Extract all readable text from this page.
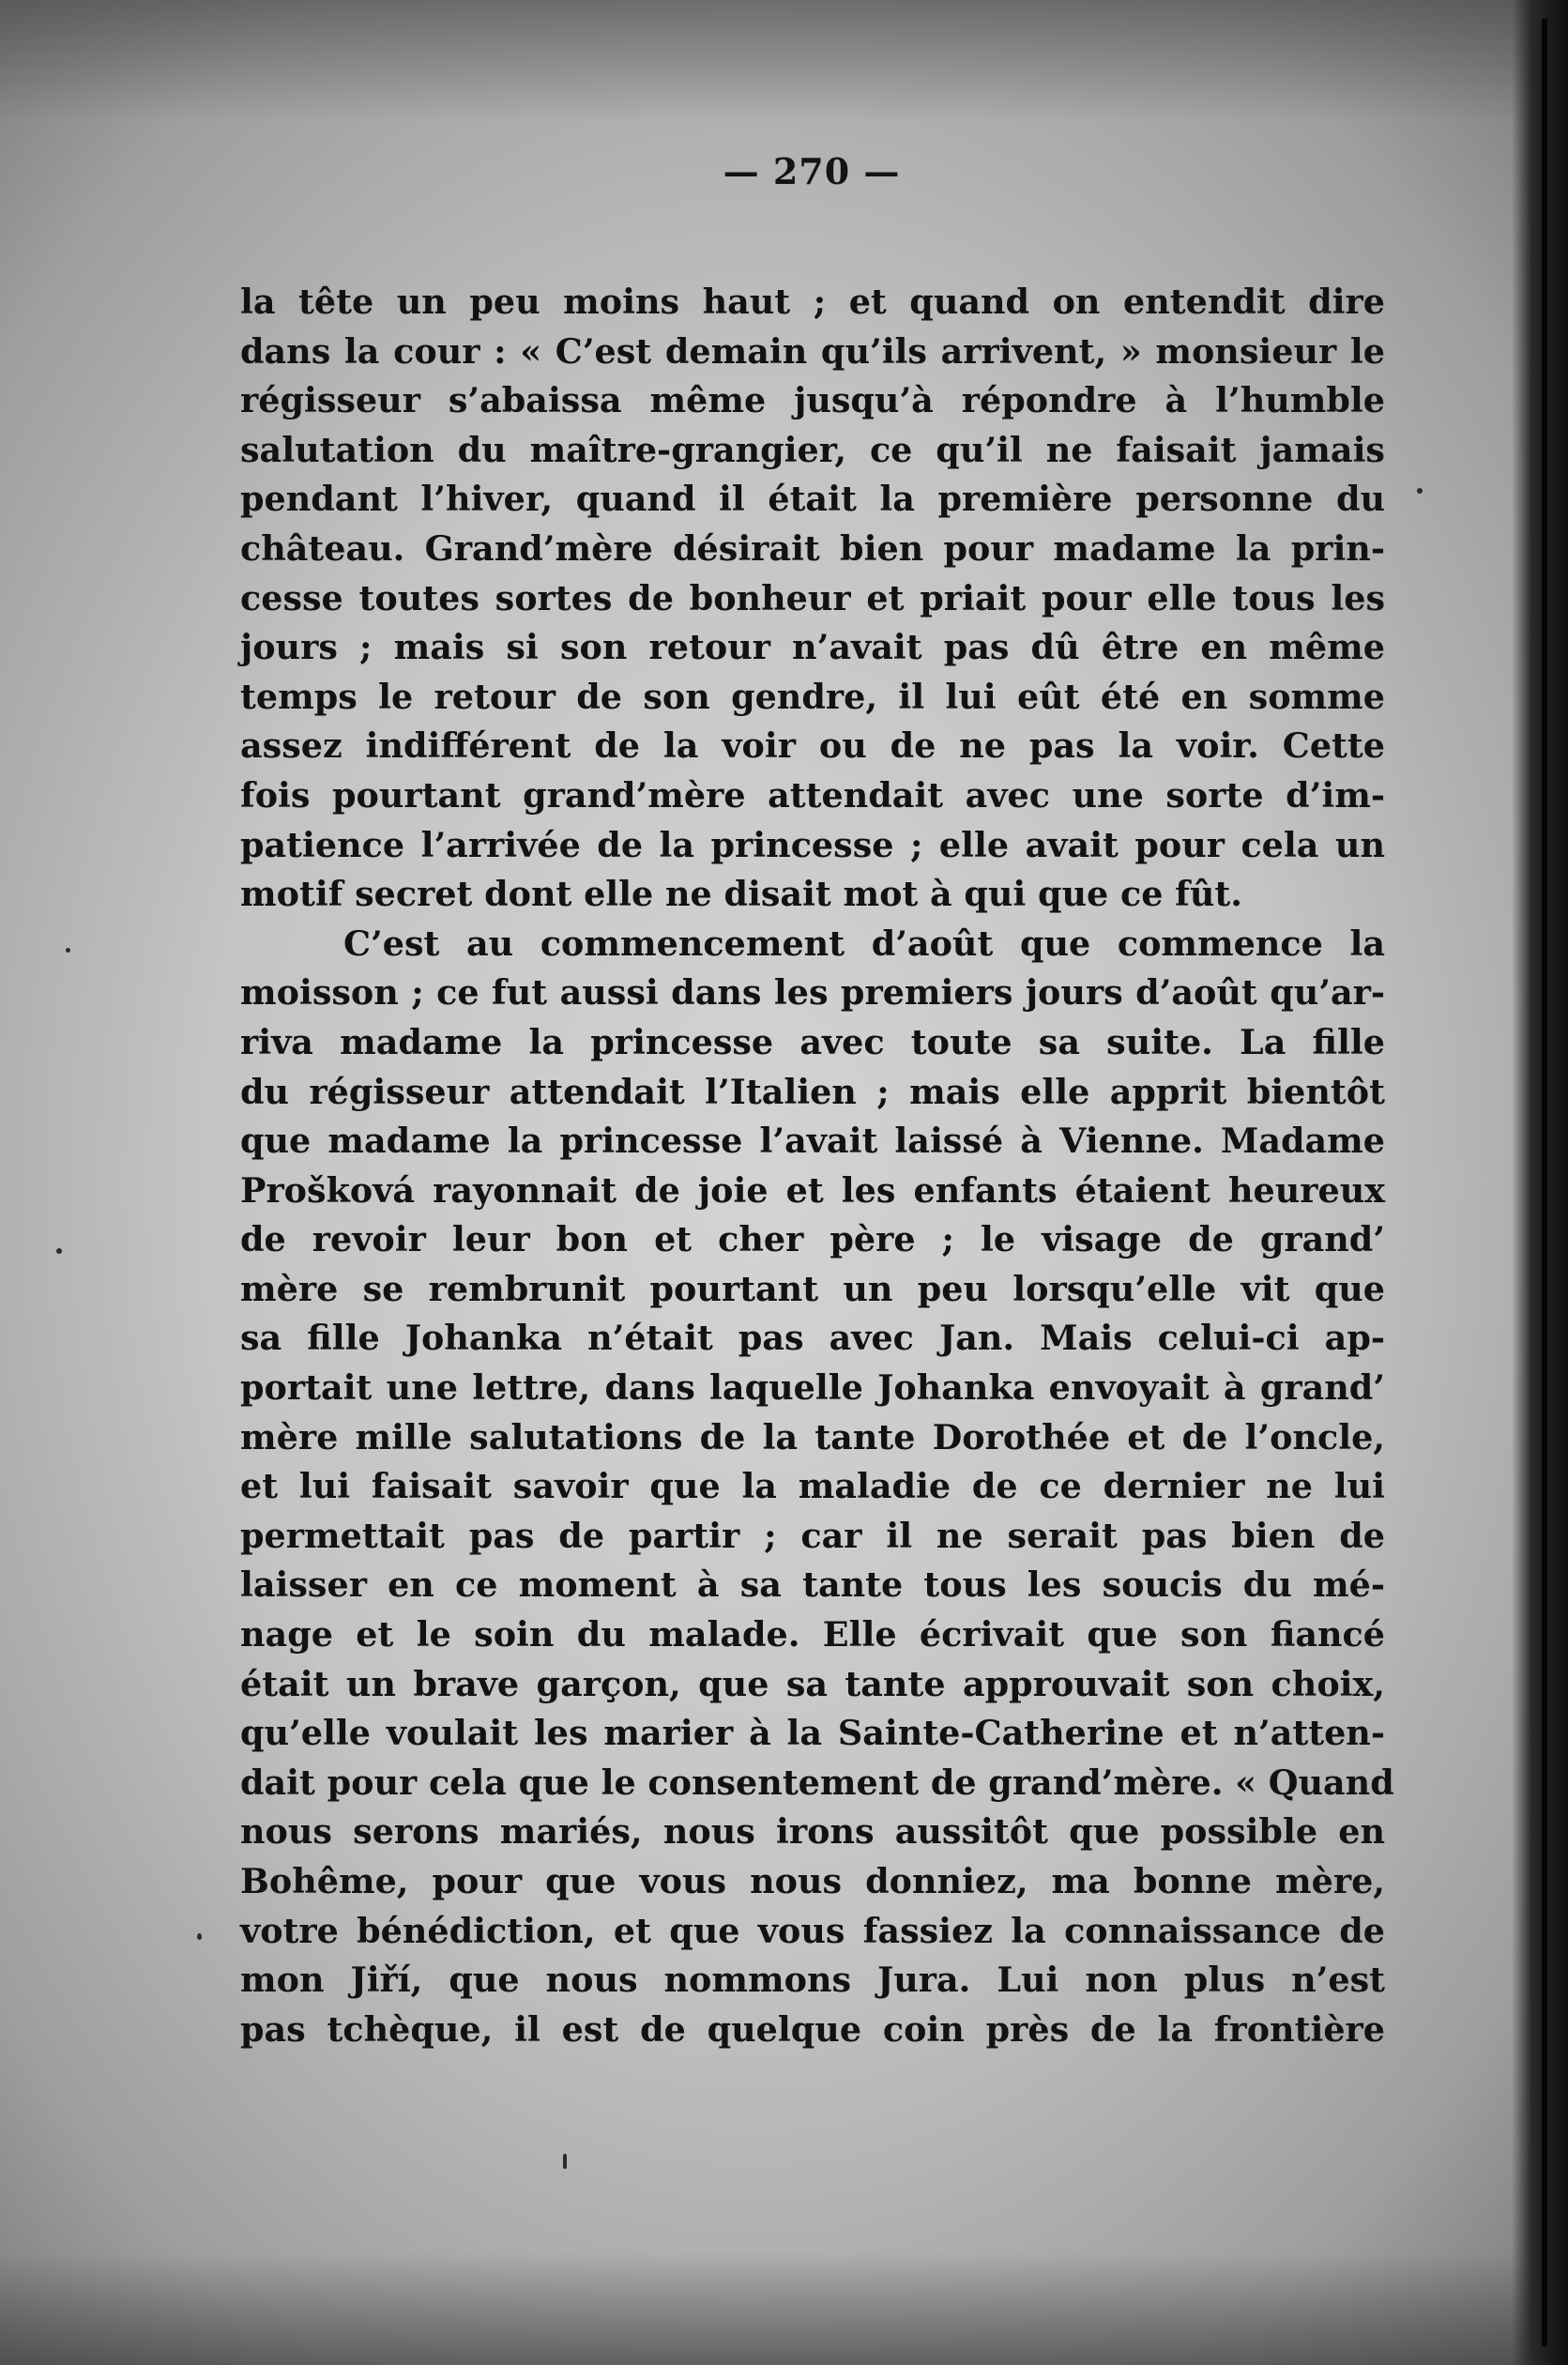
— 270 —
la tête un peu moins haut ; et quand on entendit dire
dans la cour : « C’est demain qu’ils arrivent, » monsieur le
régisseur s’abaissa même jusqu’à répondre à l’humble
salutation du maître-grangier, ce qu’il ne faisait jamais
pendant l’hiver, quand il était la première personne du
château. Grand’mère désirait bien pour madame la prin-
cesse toutes sortes de bonheur et priait pour elle tous les
jours ; mais si son retour n’avait pas dû être en même
temps le retour de son gendre, il lui eût été en somme
assez indifférent de la voir ou de ne pas la voir. Cette
fois pourtant grand’mère attendait avec une sorte d’im-
patience l’arrivée de la princesse ; elle avait pour cela un
motif secret dont elle ne disait mot à qui que ce fût.
C’est au commencement d’août que commence la
moisson ; ce fut aussi dans les premiers jours d’août qu’ar-
riva madame la princesse avec toute sa suite. La fille
du régisseur attendait l’Italien ; mais elle apprit bientôt
que madame la princesse l’avait laissé à Vienne. Madame
Prošková rayonnait de joie et les enfants étaient heureux
de revoir leur bon et cher père ; le visage de grand’
mère se rembrunit pourtant un peu lorsqu’elle vit que
sa fille Johanka n’était pas avec Jan. Mais celui-ci ap-
portait une lettre, dans laquelle Johanka envoyait à grand’
mère mille salutations de la tante Dorothée et de l’oncle,
et lui faisait savoir que la maladie de ce dernier ne lui
permettait pas de partir ; car il ne serait pas bien de
laisser en ce moment à sa tante tous les soucis du mé-
nage et le soin du malade. Elle écrivait que son fiancé
était un brave garçon, que sa tante approuvait son choix,
qu’elle voulait les marier à la Sainte-Catherine et n’atten-
dait pour cela que le consentement de grand’mère. « Quand
nous serons mariés, nous irons aussitôt que possible en
Bohême, pour que vous nous donniez, ma bonne mère,
votre bénédiction, et que vous fassiez la connaissance de
mon Jiří, que nous nommons Jura. Lui non plus n’est
pas tchèque, il est de quelque coin près de la frontière
